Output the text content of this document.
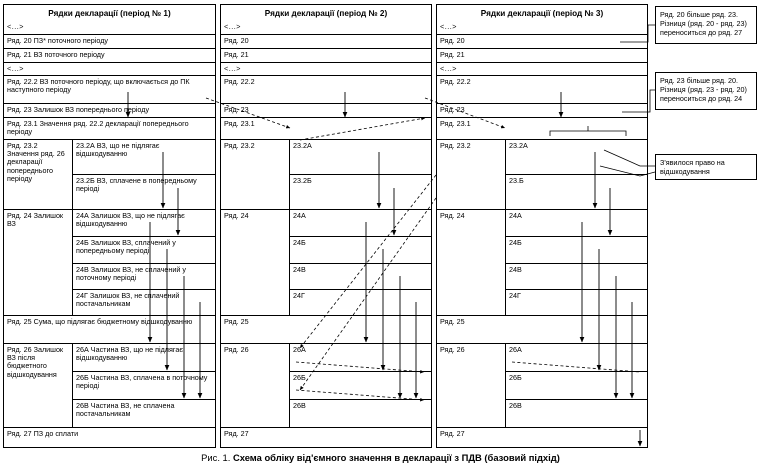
Рядки декларації (період № 1)
<...>
Ряд. 20 ПЗ* поточного періоду
Ряд. 21 ВЗ поточного періоду
<...>
Ряд. 22.2 ВЗ поточного періоду, що включається до ПК наступного періоду
Ряд. 23 Залишок ВЗ попереднього періоду
Ряд. 23.1 Значення ряд. 22.2 декларації попереднього періоду
Ряд. 23.2 Значення ряд. 26 декларації попереднього періоду
23.2А ВЗ, що не підлягає відшкодуванню
23.2Б ВЗ, сплачене в попередньому періоді
Ряд. 24 Залишок ВЗ
24А Залишок ВЗ, що не підлягає відшкодуванню
24Б Залишок ВЗ, сплачений у попередньому періоді
24В Залишок ВЗ, не сплачений у поточному періоді
24Г Залишок ВЗ, не сплачений постачальникам
Ряд. 25 Сума, що підлягає бюджетному відшкодуванню
Ряд. 26 Залишок ВЗ після бюджетного відшкодування
26А Частина ВЗ, що не підлягає відшкодуванню
26Б Частина ВЗ, сплачена в поточному періоді
26В Частина ВЗ, не сплачена постачальникам
Ряд. 27 ПЗ до сплати
Рядки декларації (період № 2)
<...>
Ряд. 20
Ряд. 21
<...>
Ряд. 22.2
Ряд. 23
Ряд. 23.1
Ряд. 23.2	23.2А
23.2Б
Ряд. 24	24А
24Б
24В
24Г
Ряд. 25
Ряд. 26	26А
26Б
26В
Ряд. 27
Рядки декларації (період № 3)
<...>
Ряд. 20
Ряд. 21
<...>
Ряд. 22.2
Ряд. 23
Ряд. 23.1
Ряд. 23.2	23.2А
23.Б
Ряд. 24	24А
24Б
24В
24Г
Ряд. 25
Ряд. 26	26А
26Б
26В
Ряд. 27
Ряд. 20 більше ряд. 23. Різниця (ряд. 20 - ряд. 23) переноситься до ряд. 27
Ряд. 23 більше ряд. 20. Різниця (ряд. 23 - ряд. 20) переноситься до ряд. 24
З'явилося право на відшкодування
Рис. 1. Схема обліку від'ємного значення в декларації з ПДВ (базовий підхід)
